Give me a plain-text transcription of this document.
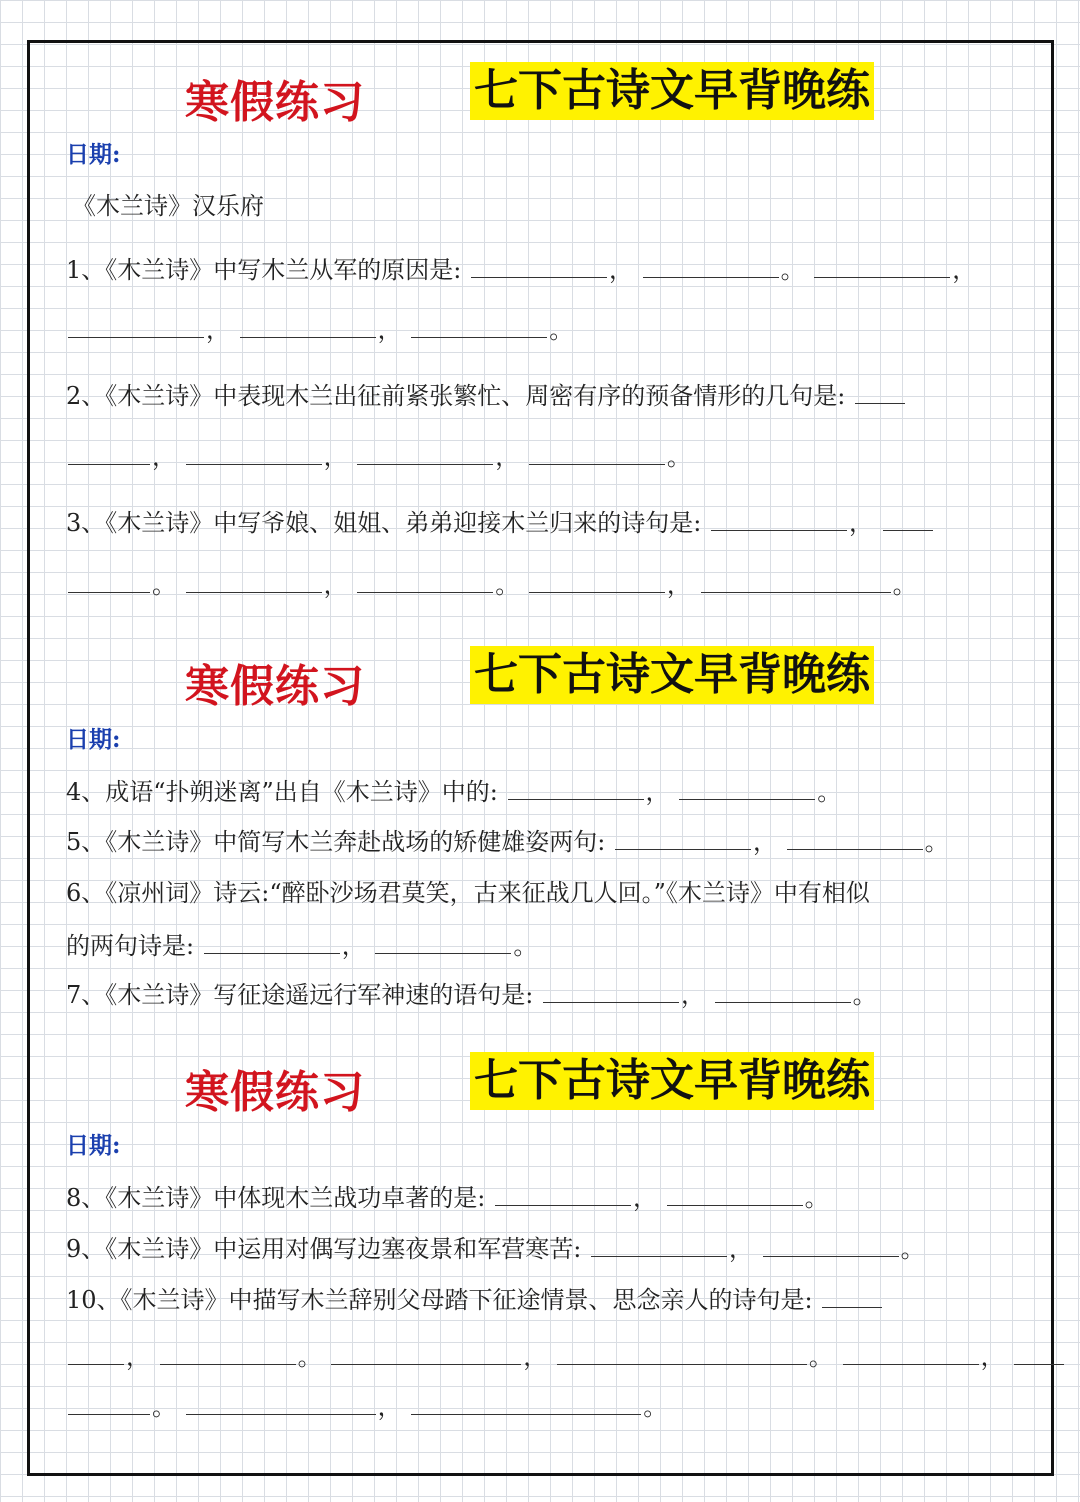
寒假练习 七下古诗文早背晚练
日期:
《木兰诗》汉乐府
1、《木兰诗》中写木兰从军的原因是:	，	。	，
，	，	。
2、《木兰诗》中表现木兰出征前紧张繁忙、周密有序的预备情形的几句是:
，	，	，	。
3、《木兰诗》中写爷娘、姐姐、弟弟迎接木兰归来的诗句是:	，
。	，	。	，	。
寒假练习 七下古诗文早背晚练
日期:
4、成语“扑朔迷离”出自《木兰诗》中的:	，	。
5、《木兰诗》中简写木兰奔赴战场的矫健雄姿两句:	，	。
6、《凉州词》诗云:“醉卧沙场君莫笑，古来征战几人回。”《木兰诗》中有相似
的两句诗是:	，	。
7、《木兰诗》写征途遥远行军神速的语句是:	，	。
寒假练习 七下古诗文早背晚练
日期:
8、《木兰诗》中体现木兰战功卓著的是:	，	。
9、《木兰诗》中运用对偶写边塞夜景和军营寒苦:	，	。
10、《木兰诗》中描写木兰辞别父母踏下征途情景、思念亲人的诗句是:
，	。	，	。	，
。	，	。
